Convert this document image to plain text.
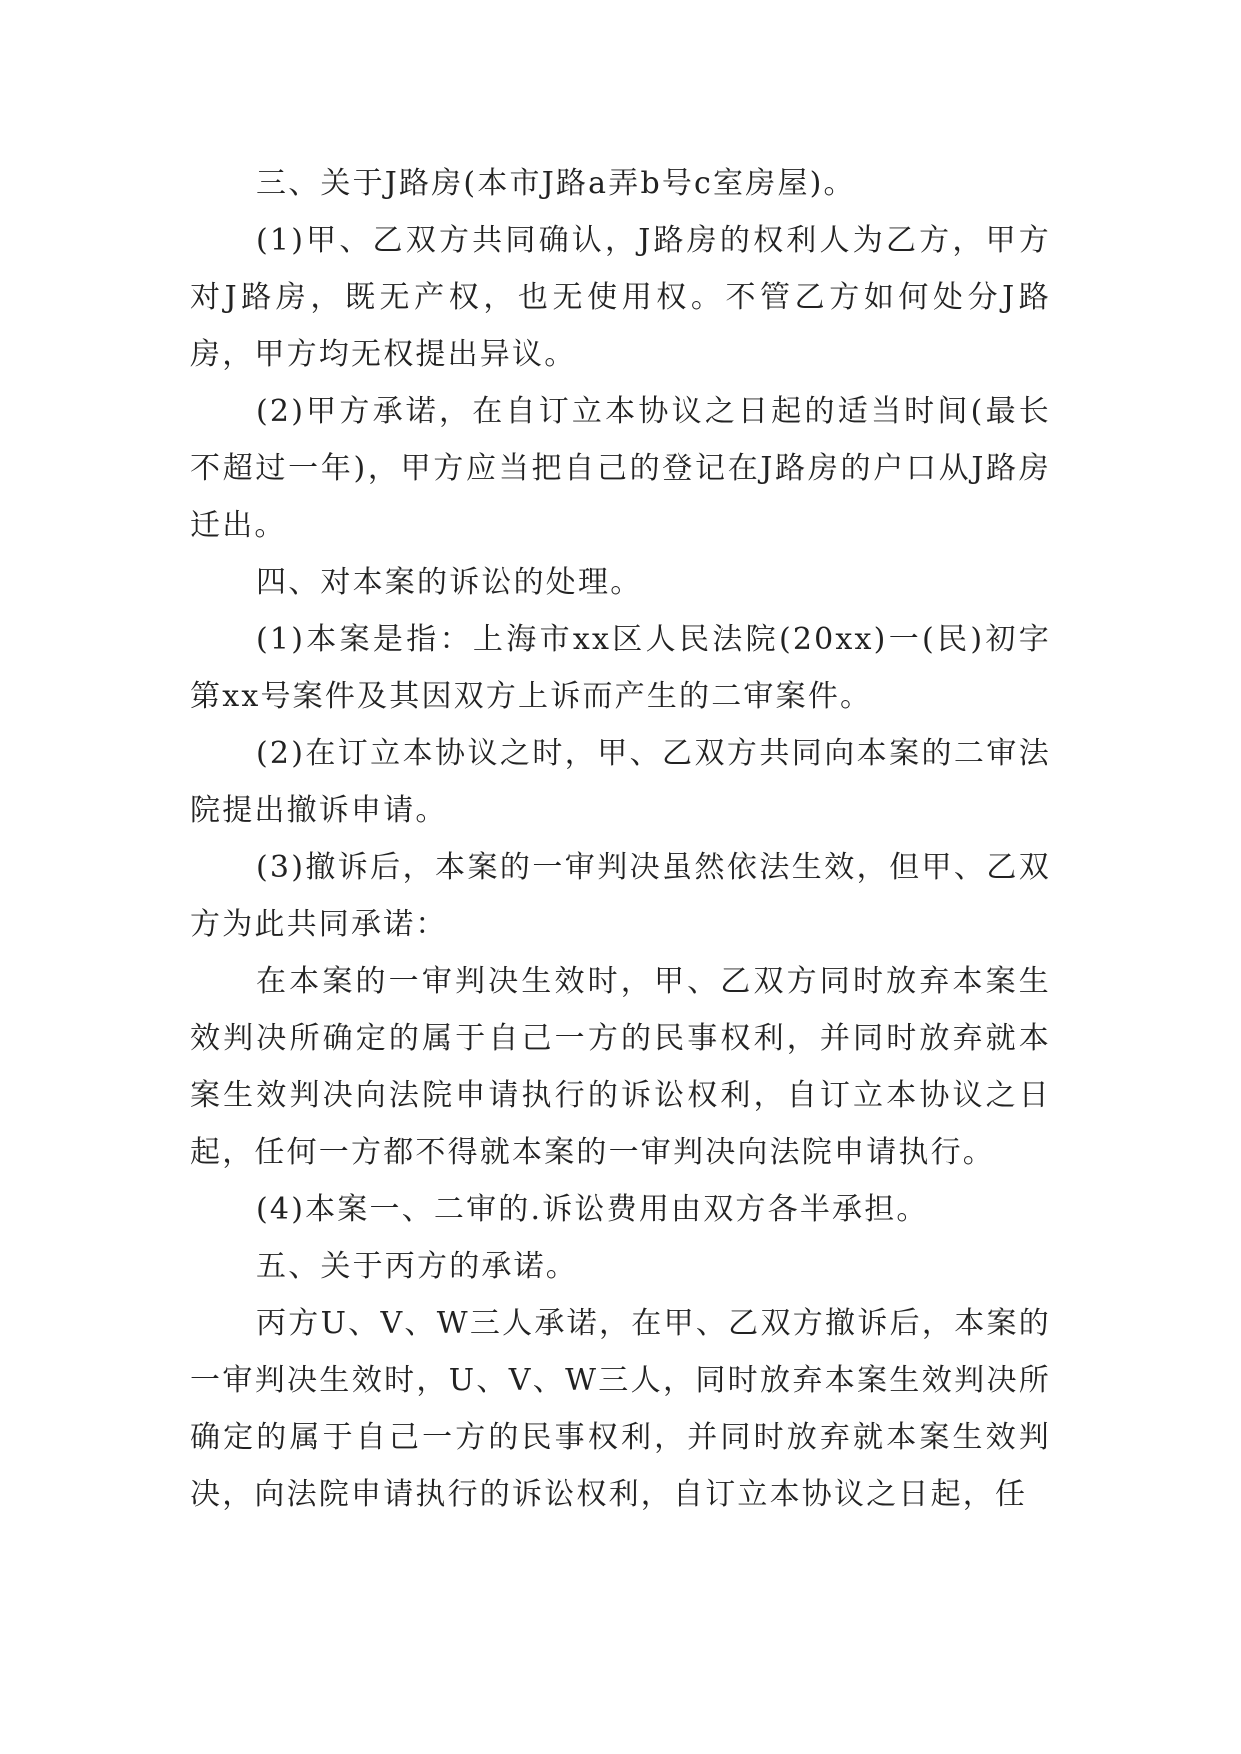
三、关于J路房(本市J路a弄b号c室房屋)。

(1)甲、乙双方共同确认，J路房的权利人为乙方，甲方对J路房，既无产权，也无使用权。不管乙方如何处分J路房，甲方均无权提出异议。

(2)甲方承诺，在自订立本协议之日起的适当时间(最长不超过一年)，甲方应当把自己的登记在J路房的户口从J路房迁出。

四、对本案的诉讼的处理。

(1)本案是指：上海市xx区人民法院(20xx)一(民)初字第xx号案件及其因双方上诉而产生的二审案件。

(2)在订立本协议之时，甲、乙双方共同向本案的二审法院提出撤诉申请。

(3)撤诉后，本案的一审判决虽然依法生效，但甲、乙双方为此共同承诺：

在本案的一审判决生效时，甲、乙双方同时放弃本案生效判决所确定的属于自己一方的民事权利，并同时放弃就本案生效判决向法院申请执行的诉讼权利，自订立本协议之日起，任何一方都不得就本案的一审判决向法院申请执行。

(4)本案一、二审的.诉讼费用由双方各半承担。

五、关于丙方的承诺。

丙方U、V、W三人承诺，在甲、乙双方撤诉后，本案的一审判决生效时，U、V、W三人，同时放弃本案生效判决所确定的属于自己一方的民事权利，并同时放弃就本案生效判决，向法院申请执行的诉讼权利，自订立本协议之日起，任
